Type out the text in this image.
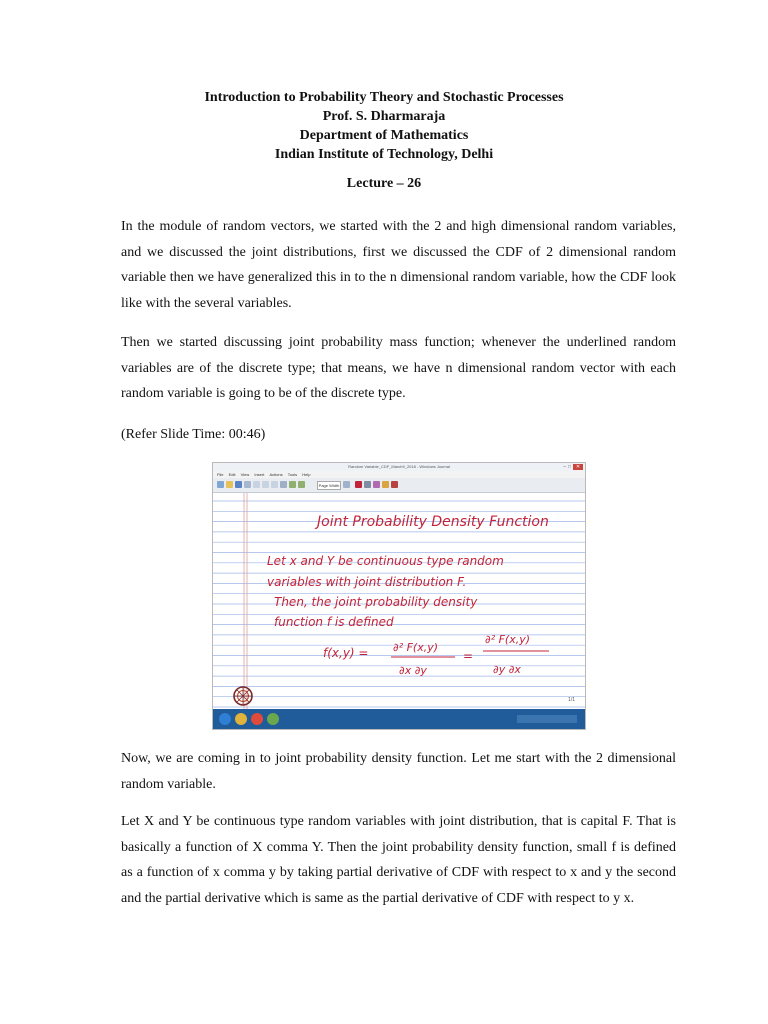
Introduction to Probability Theory and Stochastic Processes
Prof. S. Dharmaraja
Department of Mathematics
Indian Institute of Technology, Delhi
Lecture – 26
In the module of random vectors, we started with the 2 and high dimensional random variables, and we discussed the joint distributions, first we discussed the CDF of 2 dimensional random variable then we have generalized this in to the n dimensional random variable, how the CDF look like with the several variables.
Then we started discussing joint probability mass function; whenever the underlined random variables are of the discrete type; that means, we have n dimensional random vector with each random variable is going to be of the discrete type.
(Refer Slide Time: 00:46)
Random Variable_CDF_March9_2018 - Windows Journal	–□ ✕
File Edit View Insert Actions Tools Help
Page Width
Joint Probability Density Function
Let x and Y be continuous type random
variables with joint distribution F.
Then, the joint probability density
function f is defined
f(x,y) = ∂² F(x,y)
∂x ∂y
=
∂² F(x,y)
∂y ∂x
1/1
Now, we are coming in to joint probability density function. Let me start with the 2 dimensional random variable.
Let X and Y be continuous type random variables with joint distribution, that is capital F. That is basically a function of X comma Y. Then the joint probability density function, small f is defined as a function of x comma y by taking partial derivative of CDF with respect to x and y the second and the partial derivative which is same as the partial derivative of CDF with respect to y x.
